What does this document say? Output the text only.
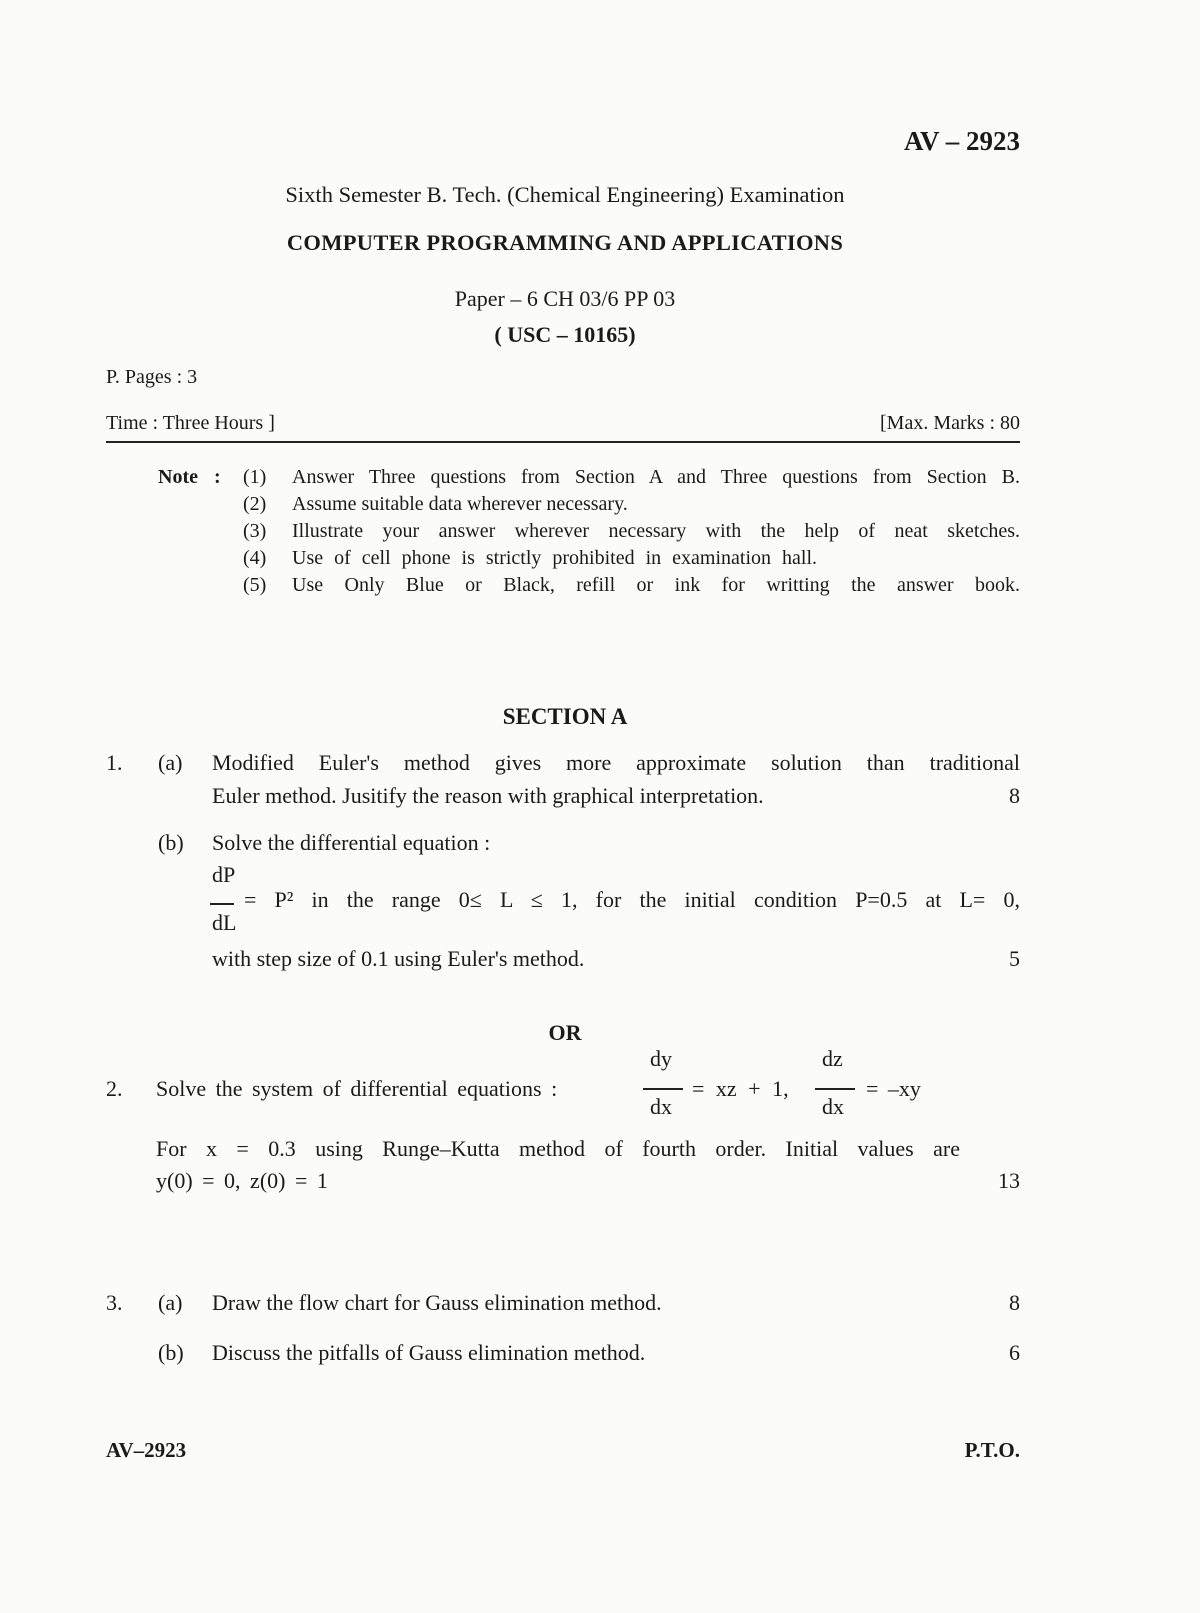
AV – 2923
Sixth Semester B. Tech. (Chemical Engineering) Examination
COMPUTER PROGRAMMING AND APPLICATIONS
Paper – 6 CH 03/6 PP 03
( USC – 10165)
P. Pages : 3
Time : Three Hours ]	[Max. Marks : 80
Note : (1) Answer Three questions from Section A and Three questions from Section B.
(2) Assume suitable data wherever necessary.
(3) Illustrate your answer wherever necessary with the help of neat sketches.
(4) Use of cell phone is strictly prohibited in examination hall.
(5) Use Only Blue or Black, refill or ink for writting the answer book.
SECTION A
1. (a) Modified Euler's method gives more approximate solution than traditional
Euler method. Jusitify the reason with graphical interpretation.	8
(b) Solve the differential equation :
dP
dL
= P² in the range 0≤ L ≤ 1, for the initial condition P=0.5 at L= 0,
with step size of 0.1 using Euler's method.	5
OR
2. Solve the system of differential equations :
dy
dx
= xz + 1,
dz
dx
= –xy
For x = 0.3 using Runge–Kutta method of fourth order. Initial values are
y(0) = 0, z(0) = 1	13
3. (a) Draw the flow chart for Gauss elimination method.	8
(b) Discuss the pitfalls of Gauss elimination method.	6
AV–2923	P.T.O.
